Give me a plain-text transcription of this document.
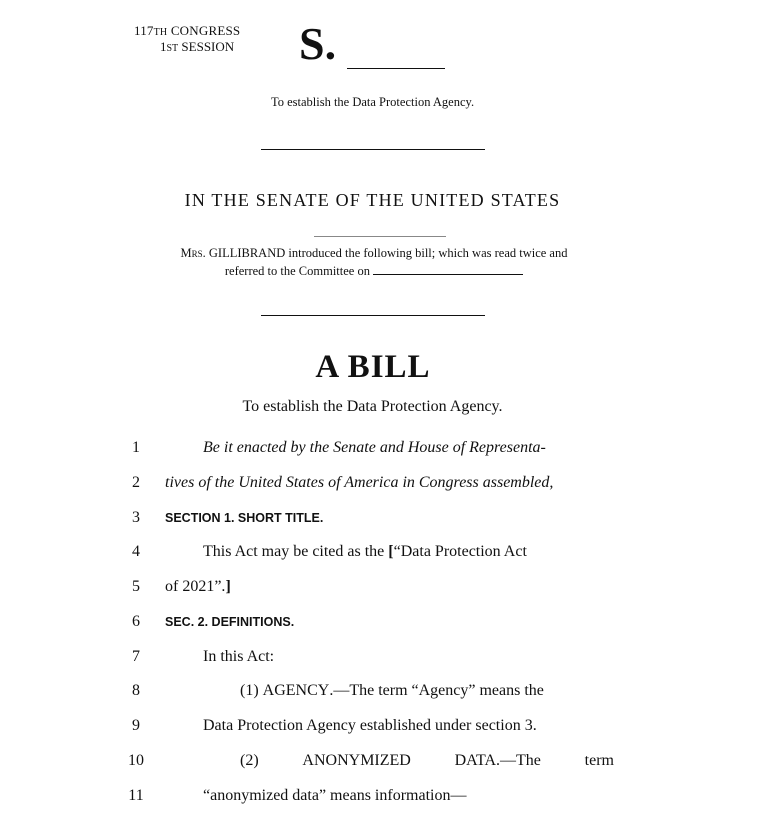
117TH CONGRESS
1ST SESSION S.
To establish the Data Protection Agency.
IN THE SENATE OF THE UNITED STATES
Mrs. GILLIBRAND introduced the following bill; which was read twice and
referred to the Committee on
A BILL
To establish the Data Protection Agency.
1	Be it enacted by the Senate and House of Representa-
2	tives of the United States of America in Congress assembled,
3	SECTION 1. SHORT TITLE.
4	This Act may be cited as the [“Data Protection Act
5	of 2021”.]
6	SEC. 2. DEFINITIONS.
7	In this Act:
8	(1) AGENCY.—The term “Agency” means the
9	Data Protection Agency established under section 3.
10	(2)	ANONYMIZED	DATA.—The	term
11	“anonymized data” means information—
